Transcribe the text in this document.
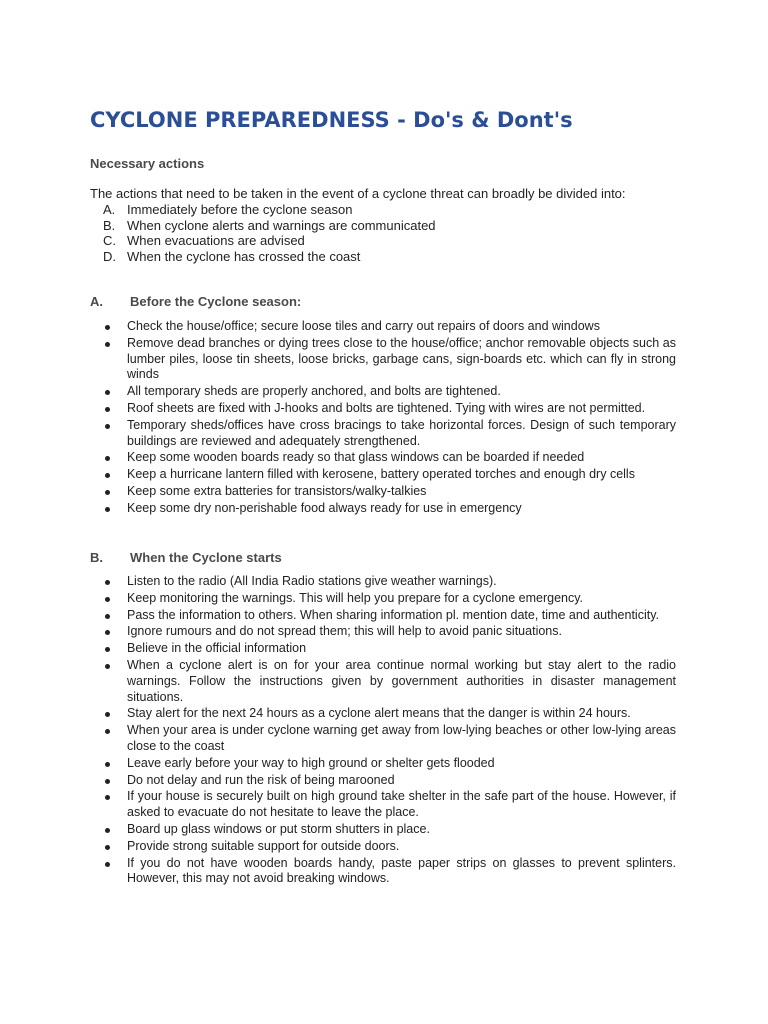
CYCLONE PREPAREDNESS - Do's & Dont's
Necessary actions
The actions that need to be taken in the event of a cyclone threat can broadly be divided into:
A. Immediately before the cyclone season
B. When cyclone alerts and warnings are communicated
C. When evacuations are advised
D. When the cyclone has crossed the coast
A. Before the Cyclone season:
Check the house/office; secure loose tiles and carry out repairs of doors and windows
Remove dead branches or dying trees close to the house/office; anchor removable objects such as lumber piles, loose tin sheets, loose bricks, garbage cans, sign-boards etc. which can fly in strong winds
All temporary sheds are properly anchored, and bolts are tightened.
Roof sheets are fixed with J-hooks and bolts are tightened. Tying with wires are not permitted.
Temporary sheds/offices have cross bracings to take horizontal forces. Design of such temporary buildings are reviewed and adequately strengthened.
Keep some wooden boards ready so that glass windows can be boarded if needed
Keep a hurricane lantern filled with kerosene, battery operated torches and enough dry cells
Keep some extra batteries for transistors/walky-talkies
Keep some dry non-perishable food always ready for use in emergency
B. When the Cyclone starts
Listen to the radio (All India Radio stations give weather warnings).
Keep monitoring the warnings. This will help you prepare for a cyclone emergency.
Pass the information to others. When sharing information pl. mention date, time and authenticity.
Ignore rumours and do not spread them; this will help to avoid panic situations.
Believe in the official information
When a cyclone alert is on for your area continue normal working but stay alert to the radio warnings. Follow the instructions given by government authorities in disaster management situations.
Stay alert for the next 24 hours as a cyclone alert means that the danger is within 24 hours.
When your area is under cyclone warning get away from low-lying beaches or other low-lying areas close to the coast
Leave early before your way to high ground or shelter gets flooded
Do not delay and run the risk of being marooned
If your house is securely built on high ground take shelter in the safe part of the house. However, if asked to evacuate do not hesitate to leave the place.
Board up glass windows or put storm shutters in place.
Provide strong suitable support for outside doors.
If you do not have wooden boards handy, paste paper strips on glasses to prevent splinters. However, this may not avoid breaking windows.
